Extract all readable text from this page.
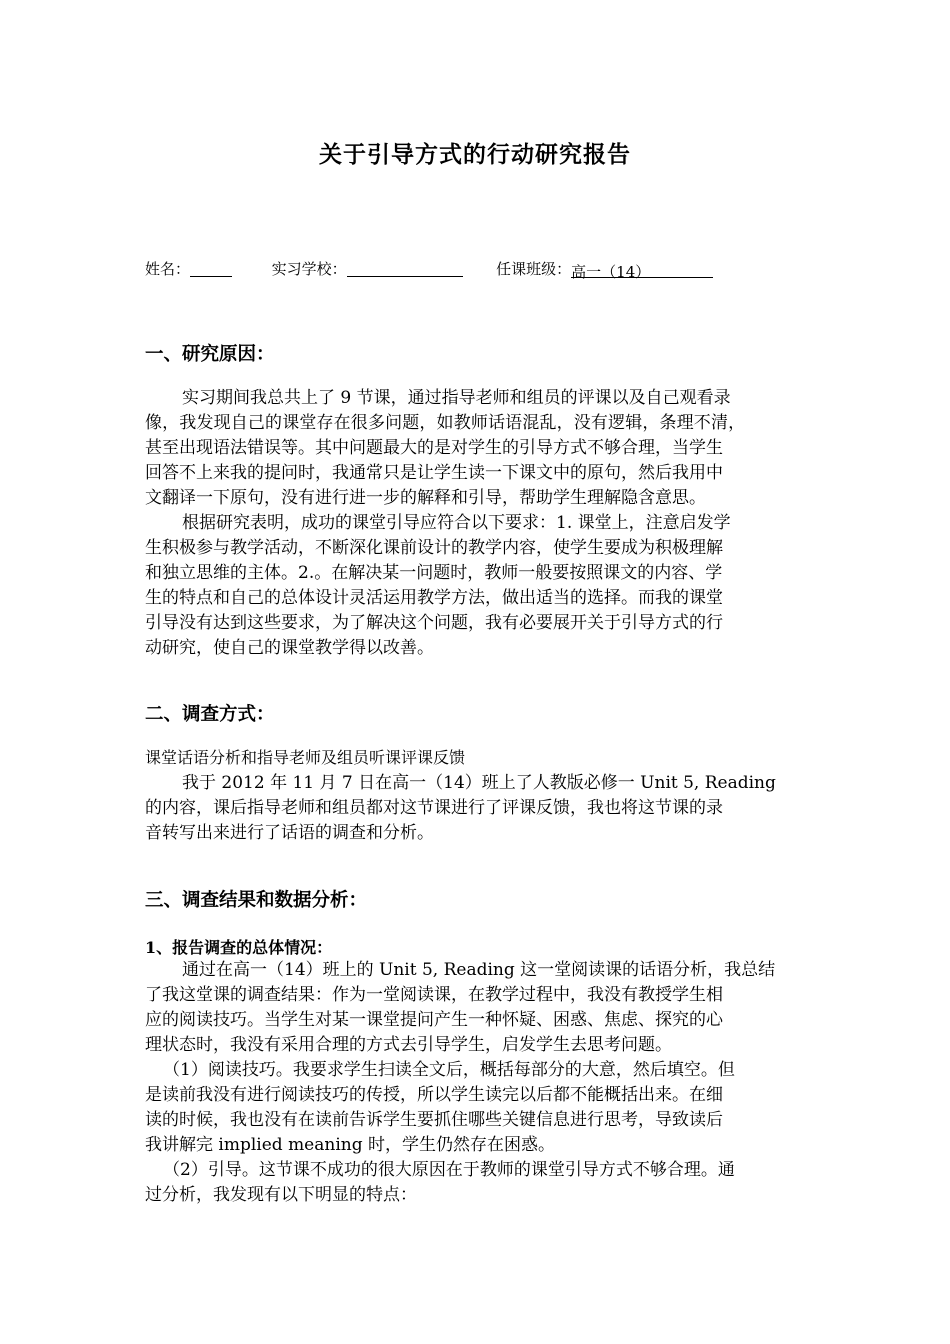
关于引导方式的行动研究报告
姓名：	实习学校：	任课班级：高一（14）
一、研究原因：
实习期间我总共上了 9 节课，通过指导老师和组员的评课以及自己观看录
像，我发现自己的课堂存在很多问题，如教师话语混乱，没有逻辑，条理不清，
甚至出现语法错误等。其中问题最大的是对学生的引导方式不够合理，当学生
回答不上来我的提问时，我通常只是让学生读一下课文中的原句，然后我用中
文翻译一下原句，没有进行进一步的解释和引导，帮助学生理解隐含意思。
根据研究表明，成功的课堂引导应符合以下要求：1. 课堂上，注意启发学
生积极参与教学活动，不断深化课前设计的教学内容，使学生要成为积极理解
和独立思维的主体。2.。在解决某一问题时，教师一般要按照课文的内容、学
生的特点和自己的总体设计灵活运用教学方法，做出适当的选择。而我的课堂
引导没有达到这些要求，为了解决这个问题，我有必要展开关于引导方式的行
动研究，使自己的课堂教学得以改善。
二、调查方式：
课堂话语分析和指导老师及组员听课评课反馈
我于 2012 年 11 月 7 日在高一（14）班上了人教版必修一 Unit 5, Reading
的内容，课后指导老师和组员都对这节课进行了评课反馈，我也将这节课的录
音转写出来进行了话语的调查和分析。
三、调查结果和数据分析：
1、报告调查的总体情况：
通过在高一（14）班上的 Unit 5, Reading 这一堂阅读课的话语分析，我总结
了我这堂课的调查结果：作为一堂阅读课，在教学过程中，我没有教授学生相
应的阅读技巧。当学生对某一课堂提问产生一种怀疑、困惑、焦虑、探究的心
理状态时，我没有采用合理的方式去引导学生，启发学生去思考问题。
（1）阅读技巧。我要求学生扫读全文后，概括每部分的大意，然后填空。但
是读前我没有进行阅读技巧的传授，所以学生读完以后都不能概括出来。在细
读的时候，我也没有在读前告诉学生要抓住哪些关键信息进行思考，导致读后
我讲解完 implied meaning 时，学生仍然存在困惑。
（2）引导。这节课不成功的很大原因在于教师的课堂引导方式不够合理。通
过分析，我发现有以下明显的特点：
